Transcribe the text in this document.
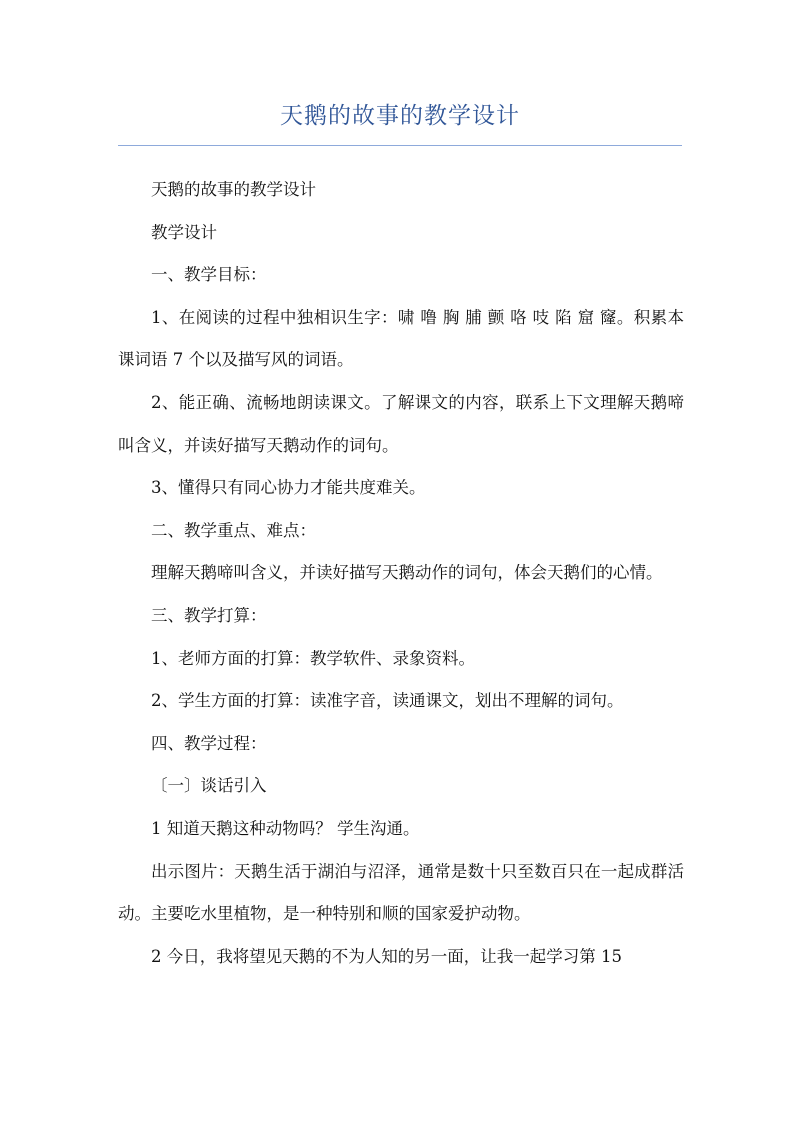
天鹅的故事的教学设计

天鹅的故事的教学设计

教学设计

一、教学目标：

1、在阅读的过程中独相识生字：啸 噜 胸 脯 颤 咯 吱 陷 窟 窿。积累本课词语 7 个以及描写风的词语。

2、能正确、流畅地朗读课文。了解课文的内容，联系上下文理解天鹅啼叫含义，并读好描写天鹅动作的词句。

3、懂得只有同心协力才能共度难关。

二、教学重点、难点：

理解天鹅啼叫含义，并读好描写天鹅动作的词句，体会天鹅们的心情。

三、教学打算：

1、老师方面的打算：教学软件、录象资料。

2、学生方面的打算：读准字音，读通课文，划出不理解的词句。

四、教学过程：

〔一〕谈话引入

1 知道天鹅这种动物吗？ 学生沟通。

出示图片：天鹅生活于湖泊与沼泽，通常是数十只至数百只在一起成群活动。主要吃水里植物，是一种特别和顺的国家爱护动物。

2 今日，我将望见天鹅的不为人知的另一面，让我一起学习第 15
